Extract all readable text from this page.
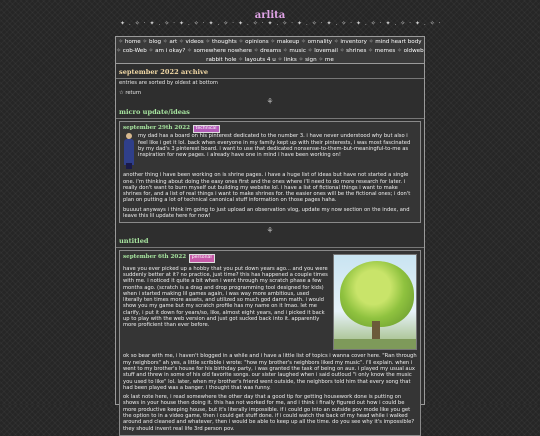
arlita
✦ . ✧ · ✦ . ✧ · ✦ . ✧ · ✦ . ✧ · ✦ . ✧ · ✦ . ✧ · ✦ . ✧ · ✦ . ✧ · ✦ . ✧ · ✦ . ✧ · ✦ . ✧ ·
✧ home ✧ blog ✧ art ✧ videos ✧ thoughts ✧ opinions ✧ makeup ✧ omnality ✧ inventory ✧ mind heart body ✧ cob-Web ✧ am i okay? ✧ somewhere nowhere ✧ dreams ✧ music ✧ lovemail ✧ shrines ✧ memes ✧ oldweb rabbit hole ✧ layouts 4 u ✧ links ✧ sign ✧ me
september 2022 archive
entries are sorted by oldest at bottom
☆ return
⚘
micro update/ideas
september 29th 2022 technical
my dad has a board on his pinterest dedicated to the number 3. i have never understood why but also i feel like i get it lol. back when everyone in my family kept up with their pinterests, i was most fascinated by my dad's 3 pinterest board. i want to use that dedicated nonsense-to-them-but-meaningful-to-me as inspiration for new pages. i already have one in mind i have been working on!
another thing i have been working on is shrine pages. i have a huge list of ideas but have not started a single one. i'm thinking about doing the easy ones first and the ones where i'll need to do more research for later. i really don't want to burn myself out building my website lol. i have a list of fictional things i want to make shrines for, and a list of real things i want to make shrines for. the easier ones will be the fictional ones; i don't plan on putting a lot of technical canonical stuff information on those pages haha.
buuuut anyways i think im going to just upload an observation vlog, update my now section on the index, and leave this lil update here for now!
⚘
untitled
september 6th 2022 personal
have you ever picked up a hobby that you put down years ago... and you were suddenly better at it? no practice, just time? this has happened a couple times with me. i noticed it quite a bit when i went through my scratch phase a few months ago. (scratch is a drag and drop programming tool designed for kids) when i started making lil games again, i was way more ambitious, used literally ten times more assets, and utilized so much god damn math. i would show you my game but my scratch profile has my name on it lmao. let me clarify, i put it down for years/so, like, almost eight years, and i picked it back up to play with the web version and just got sucked back into it. apparently more proficient than ever before.
ok so bear with me, i haven't blogged in a while and i have a little list of topics i wanna cover here. "Ran through my neighbors" ah yes, a little scribble i wrote: "how my brother's neighbors liked my music". i'll explain. when i went to my brother's house for his birthday party, i was granted the task of being on aux. i played my usual aux stuff and threw in some of his old favorite songs. our sister laughed when i said outloud "i only know the music you used to like" lol. later, when my brother's friend went outside, the neighbors told him that every song that had been played was a banger. i thought that was funny.
ok last note here, i read somewhere the other day that a good tip for getting housework done is putting on shows in your house then doing it. this has not worked for me, and i think i finally figured out how i could be more productive keeping house, but it's literally impossible. if i could go into an outside pov mode like you get the option to in a video game, then i could get stuff done. if i could watch the back of my head while i walked around and cleaned and whatever, then i would be able to keep up all the time. do you see why it's impossible? they should invent real life 3rd person pov.
